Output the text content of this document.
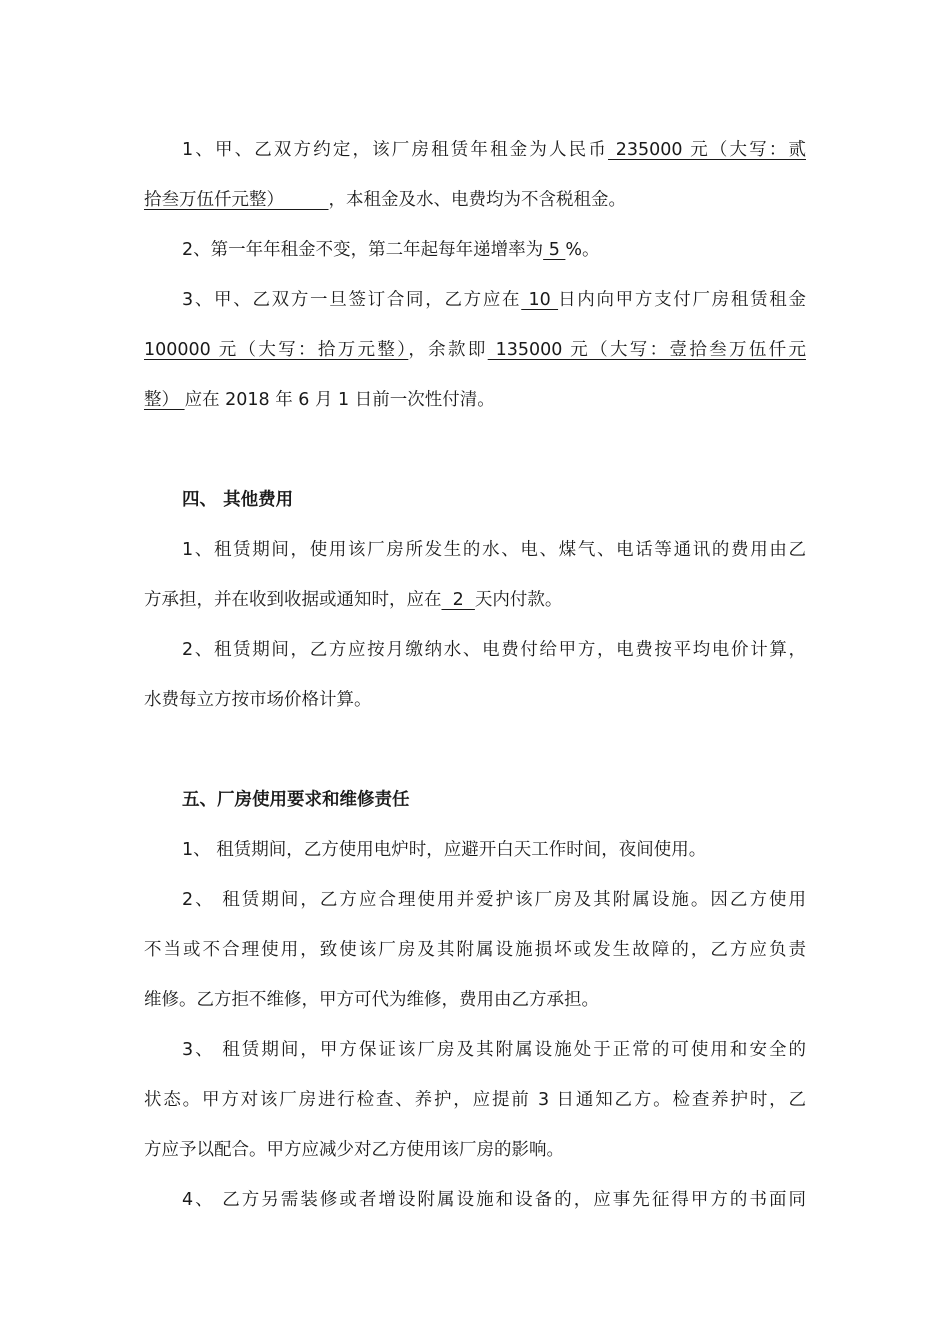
1、甲、乙双方约定，该厂房租赁年租金为人民币 235000 元（大写：贰
拾叁万伍仟元整）        ，本租金及水、电费均为不含税租金。
2、第一年年租金不变，第二年起每年递增率为 5 %。
3、甲、乙双方一旦签订合同，乙方应在 10 日内向甲方支付厂房租赁租金
100000 元（大写：拾万元整），余款即 135000 元（大写：壹拾叁万伍仟元
整） 应在 2018 年 6 月 1 日前一次性付清。
四、 其他费用
1、租赁期间，使用该厂房所发生的水、电、煤气、电话等通讯的费用由乙
方承担，并在收到收据或通知时，应在  2  天内付款。
2、租赁期间，乙方应按月缴纳水、电费付给甲方，电费按平均电价计算，
水费每立方按市场价格计算。
五、厂房使用要求和维修责任
1、 租赁期间，乙方使用电炉时，应避开白天工作时间，夜间使用。
2、 租赁期间，乙方应合理使用并爱护该厂房及其附属设施。因乙方使用
不当或不合理使用，致使该厂房及其附属设施损坏或发生故障的，乙方应负责
维修。乙方拒不维修，甲方可代为维修，费用由乙方承担。
3、 租赁期间，甲方保证该厂房及其附属设施处于正常的可使用和安全的
状态。甲方对该厂房进行检查、养护，应提前 3 日通知乙方。检查养护时，乙
方应予以配合。甲方应减少对乙方使用该厂房的影响。
4、 乙方另需装修或者增设附属设施和设备的，应事先征得甲方的书面同
